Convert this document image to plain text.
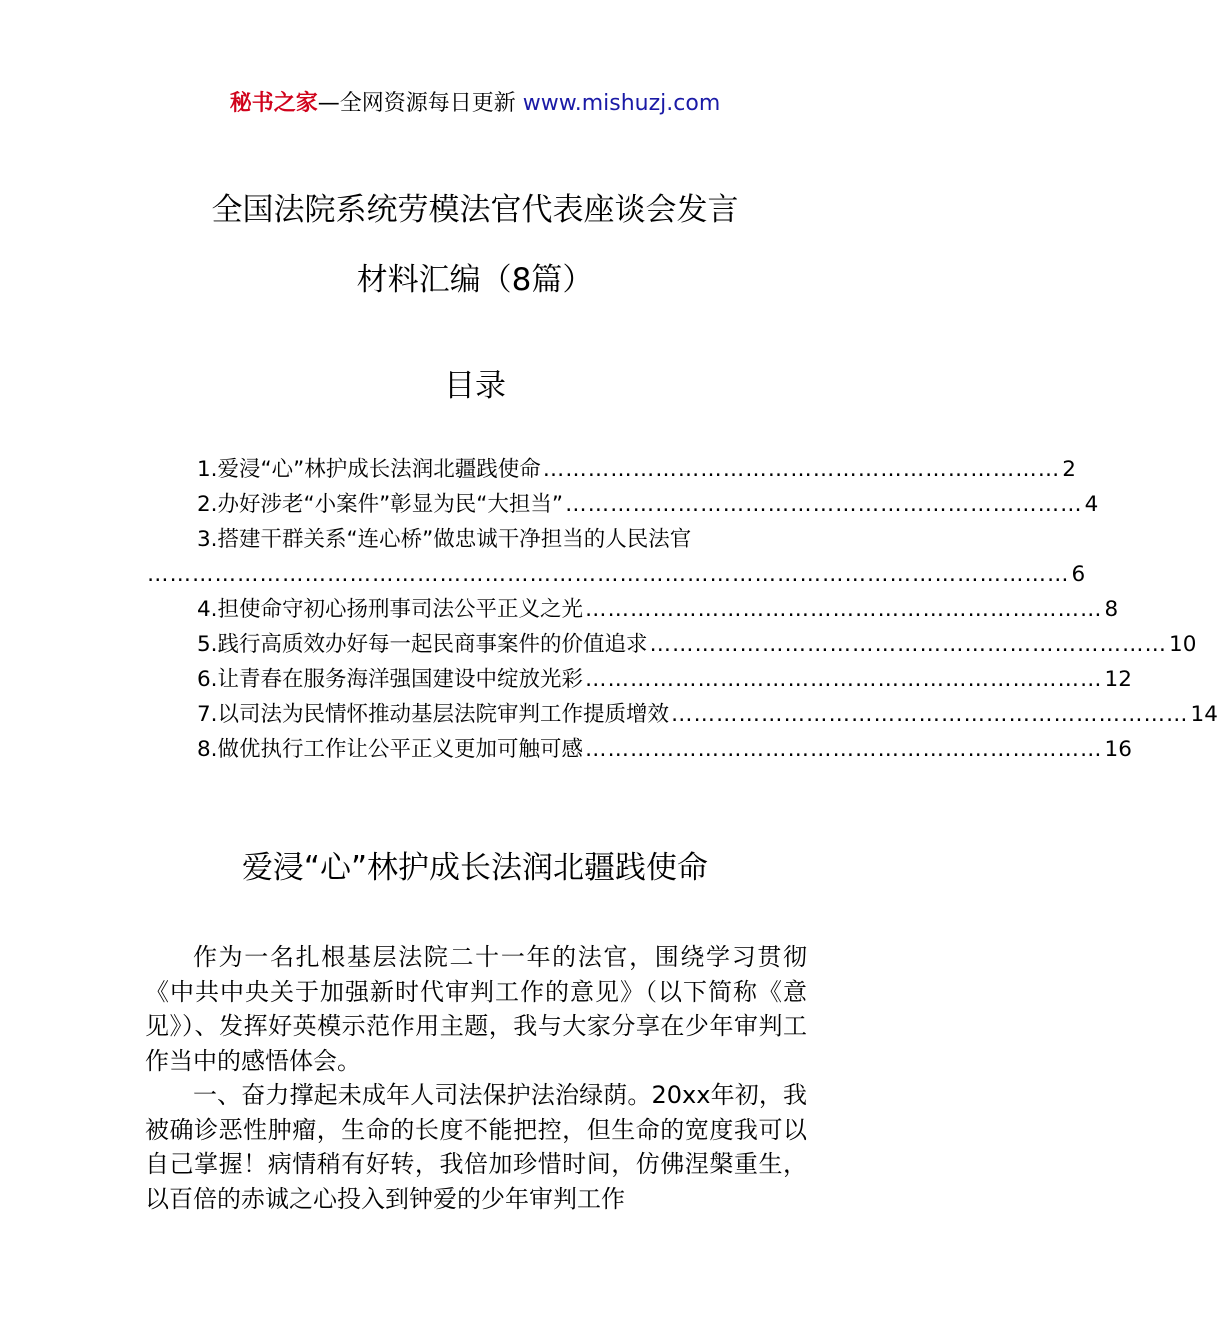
秘书之家—全网资源每日更新 www.mishuzj.com
全国法院系统劳模法官代表座谈会发言
材料汇编（8篇）
目录
1.爱浸“心”林护成长法润北疆践使命 …………………………………………………………… 2
2.办好涉老“小案件”彰显为民“大担当” …………………………………………………………… 4
3.搭建干群关系“连心桥”做忠诚干净担当的人民法官
…………………………………………………………………………………………………………… 6
4.担使命守初心扬刑事司法公平正义之光 …………………………………………………………… 8
5.践行高质效办好每一起民商事案件的价值追求 …………………………………………………………… 10
6.让青春在服务海洋强国建设中绽放光彩 …………………………………………………………… 12
7.以司法为民情怀推动基层法院审判工作提质增效 …………………………………………………………… 14
8.做优执行工作让公平正义更加可触可感 …………………………………………………………… 16
爱浸“心”林护成长法润北疆践使命

作为一名扎根基层法院二十一年的法官，围绕学习贯彻《中共中央关于加强新时代审判工作的意见》（以下简称《意见》）、发挥好英模示范作用主题，我与大家分享在少年审判工作当中的感悟体会。

一、奋力撑起未成年人司法保护法治绿荫。20xx年初，我被确诊恶性肿瘤，生命的长度不能把控，但生命的宽度我可以自己掌握！病情稍有好转，我倍加珍惜时间，仿佛涅槃重生，以百倍的赤诚之心投入到钟爱的少年审判工作
